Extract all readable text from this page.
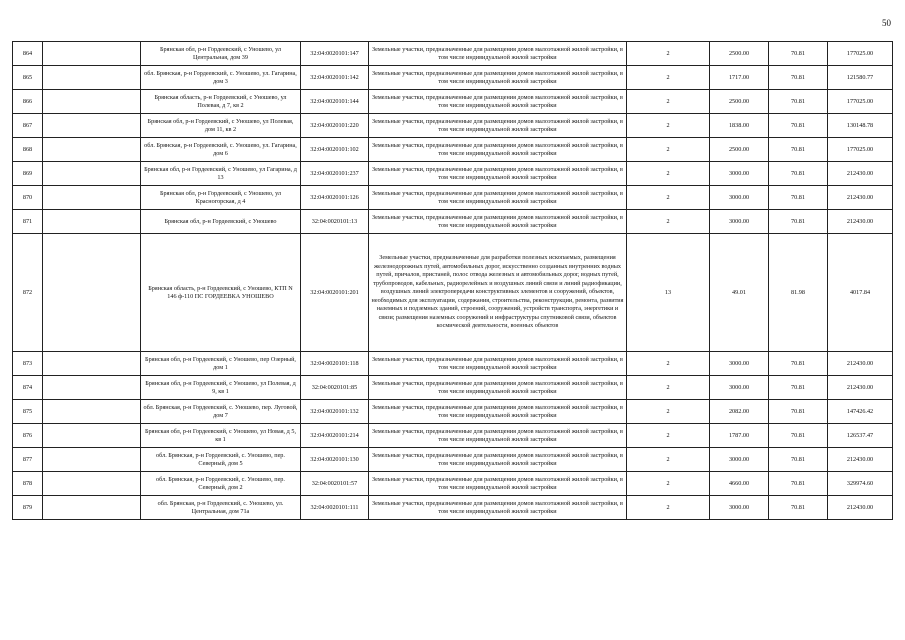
50
864		Брянская обл, р-н Гордеевский, с Уношево, ул Центральная, дом 39	32:04:0020101:147	Земельные участки, предназначенные для размещения домов малоэтажной жилой застройки, в том числе индивидуальной жилой застройки	2	2500.00	70.81	177025.00
865		обл. Брянская, р-н Гордеевский, с. Уношево, ул. Гагарина, дом 3	32:04:0020101:142	Земельные участки, предназначенные для размещения домов малоэтажной жилой застройки, в том числе индивидуальной жилой застройки	2	1717.00	70.81	121580.77
866		Брянская область, р-н Гордеевский, с Уношево, ул Полевая, д 7, кв 2	32:04:0020101:144	Земельные участки, предназначенные для размещения домов малоэтажной жилой застройки, в том числе индивидуальной жилой застройки	2	2500.00	70.81	177025.00
867		Брянская обл, р-н Гордеевский, с Уношево, ул Полевая, дом 11, кв 2	32:04:0020101:220	Земельные участки, предназначенные для размещения домов малоэтажной жилой застройки, в том числе индивидуальной жилой застройки	2	1838.00	70.81	130148.78
868		обл. Брянская, р-н Гордеевский, с. Уношево, ул. Гагарина, дом 6	32:04:0020101:102	Земельные участки, предназначенные для размещения домов малоэтажной жилой застройки, в том числе индивидуальной жилой застройки	2	2500.00	70.81	177025.00
869		Брянская обл, р-н Гордеевский, с Уношево, ул Гагарина, д 13	32:04:0020101:237	Земельные участки, предназначенные для размещения домов малоэтажной жилой застройки, в том числе индивидуальной жилой застройки	2	3000.00	70.81	212430.00
870		Брянская обл, р-н Гордеевский, с Уношево, ул Красногорская, д 4	32:04:0020101:126	Земельные участки, предназначенные для размещения домов малоэтажной жилой застройки, в том числе индивидуальной жилой застройки	2	3000.00	70.81	212430.00
871		Брянская обл, р-н Гордеевский, с Уношево	32:04:0020101:13	Земельные участки, предназначенные для размещения домов малоэтажной жилой застройки, в том числе индивидуальной жилой застройки	2	3000.00	70.81	212430.00
872		Брянская область, р-н Гордеевский, с Уношево, КТП N 146 ф-110 ПС ГОРДЕЕВКА УНОШЕВО	32:04:0020101:201	Земельные участки, предназначенные для разработки полезных ископаемых, размещения железнодорожных путей, автомобильных дорог, искусственно созданных внутренних водных путей, причалов, пристаней, полос отвода железных и автомобильных дорог, водных путей, трубопроводов, кабельных, радиорелейных и воздушных линий связи и линий радиофикации, воздушных линий электропередачи конструктивных элементов и сооружений, объектов, необходимых для эксплуатации, содержания, строительства, реконструкции, ремонта, развития наземных и подземных зданий, строений, сооружений, устройств транспорта, энергетики и связи; размещения наземных сооружений и инфраструктуры спутниковой связи, объектов космической деятельности, военных объектов	13	49.01	81.98	4017.84
873		Брянская обл, р-н Гордеевский, с Уношево, пер Озерный, дом 1	32:04:0020101:118	Земельные участки, предназначенные для размещения домов малоэтажной жилой застройки, в том числе индивидуальной жилой застройки	2	3000.00	70.81	212430.00
874		Брянская обл, р-н Гордеевский, с Уношево, ул Полевая, д 9, кв 1	32:04:0020101:85	Земельные участки, предназначенные для размещения домов малоэтажной жилой застройки, в том числе индивидуальной жилой застройки	2	3000.00	70.81	212430.00
875		обл. Брянская, р-н Гордеевский, с. Уношево, пер. Луговой, дом 7	32:04:0020101:132	Земельные участки, предназначенные для размещения домов малоэтажной жилой застройки, в том числе индивидуальной жилой застройки	2	2082.00	70.81	147426.42
876		Брянская обл, р-н Гордеевский, с Уношево, ул Новая, д 5, кв 1	32:04:0020101:214	Земельные участки, предназначенные для размещения домов малоэтажной жилой застройки, в том числе индивидуальной жилой застройки	2	1787.00	70.81	126537.47
877		обл. Брянская, р-н Гордеевский, с. Уношево, пер. Северный, дом 5	32:04:0020101:130	Земельные участки, предназначенные для размещения домов малоэтажной жилой застройки, в том числе индивидуальной жилой застройки	2	3000.00	70.81	212430.00
878		обл. Брянская, р-н Гордеевский, с. Уношево, пер. Северный, дом 2	32:04:0020101:57	Земельные участки, предназначенные для размещения домов малоэтажной жилой застройки, в том числе индивидуальной жилой застройки	2	4660.00	70.81	329974.60
879		обл. Брянская, р-н Гордеевский, с. Уношево, ул. Центральная, дом 71а	32:04:0020101:111	Земельные участки, предназначенные для размещения домов малоэтажной жилой застройки, в том числе индивидуальной жилой застройки	2	3000.00	70.81	212430.00
